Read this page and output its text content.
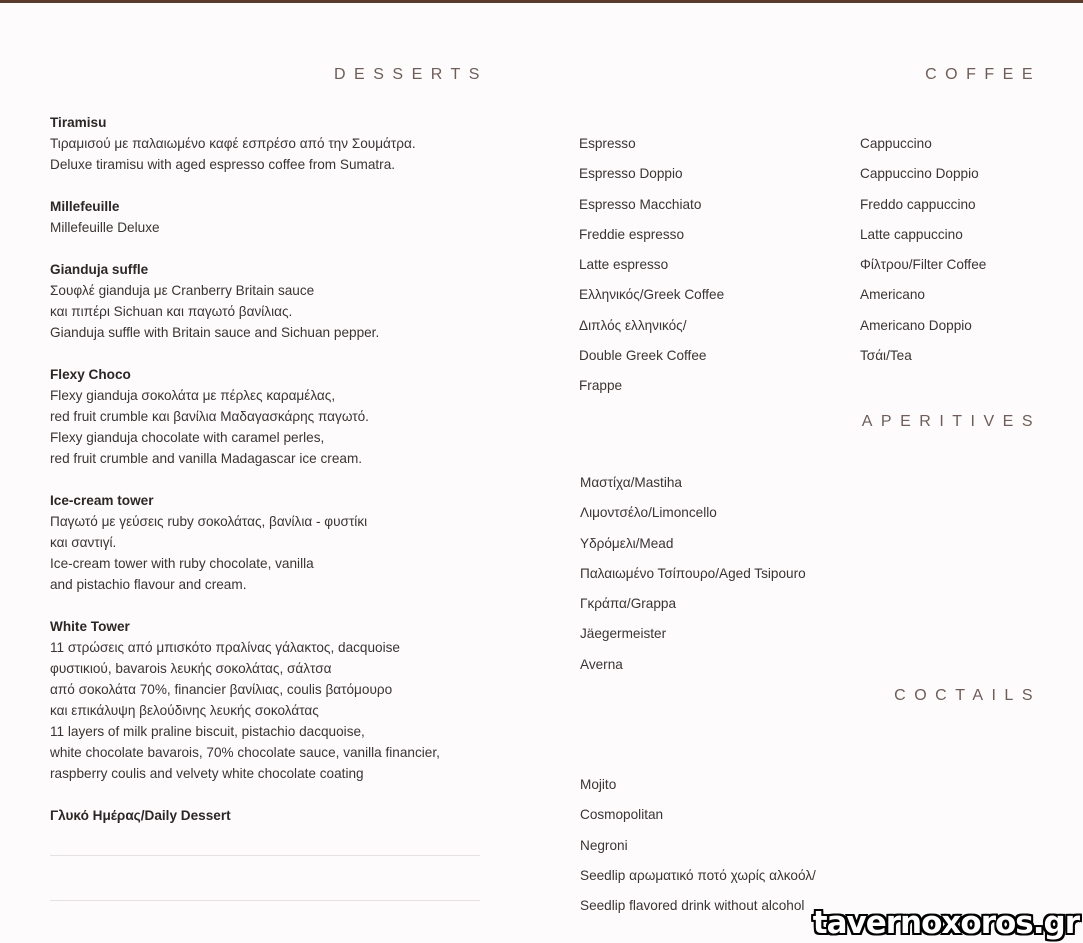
DESSERTS	COFFEE
APERITIVES
COCTAILS
Tiramisu
Τιραμισού με παλαιωμένο καφέ εσπρέσο από την Σουμάτρα.
Deluxe tiramisu with aged espresso coffee from Sumatra.
Millefeuille
Millefeuille Deluxe
Gianduja suffle
Σουφλέ gianduja με Cranberry Britain sauce
και πιπέρι Sichuan και παγωτό βανίλιας.
Gianduja suffle with Britain sauce and Sichuan pepper.
Flexy Choco
Flexy gianduja σοκολάτα με πέρλες καραμέλας,
red fruit crumble και βανίλια Μαδαγασκάρης παγωτό.
Flexy gianduja chocolate with caramel perles,
red fruit crumble and vanilla Madagascar ice cream.
Ice-cream tower
Παγωτό με γεύσεις ruby σοκολάτας, βανίλια - φυστίκι
και σαντιγί.
Ice-cream tower with ruby chocolate, vanilla
and pistachio flavour and cream.
White Tower
11 στρώσεις από μπισκότο πραλίνας γάλακτος, dacquoise
φυστικιού, bavarois λευκής σοκολάτας, σάλτσα
από σοκολάτα 70%, financier βανίλιας, coulis βατόμουρο
και επικάλυψη βελούδινης λευκής σοκολάτας
11 layers of milk praline biscuit, pistachio dacquoise,
white chocolate bavarois, 70% chocolate sauce, vanilla financier,
raspberry coulis and velvety white chocolate coating
Γλυκό Ημέρας/Daily Dessert
Espresso
Espresso Doppio
Espresso Macchiato
Freddie espresso
Latte espresso
Ελληνικός/Greek Coffee
Διπλός ελληνικός/
Double Greek Coffee
Frappe
Cappuccino
Cappuccino Doppio
Freddo cappuccino
Latte cappuccino
Φίλτρου/Filter Coffee
Americano
Americano Doppio
Τσάι/Tea
Μαστίχα/Mastiha
Λιμοντσέλο/Limoncello
Υδρόμελι/Mead
Παλαιωμένο Τσίπουρο/Aged Tsipouro
Γκράπα/Grappa
Jäegermeister
Averna
Mojito
Cosmopolitan
Negroni
Seedlip αρωματικό ποτό χωρίς αλκοόλ/
Seedlip flavored drink without alcohol tavernoxoros.gr
